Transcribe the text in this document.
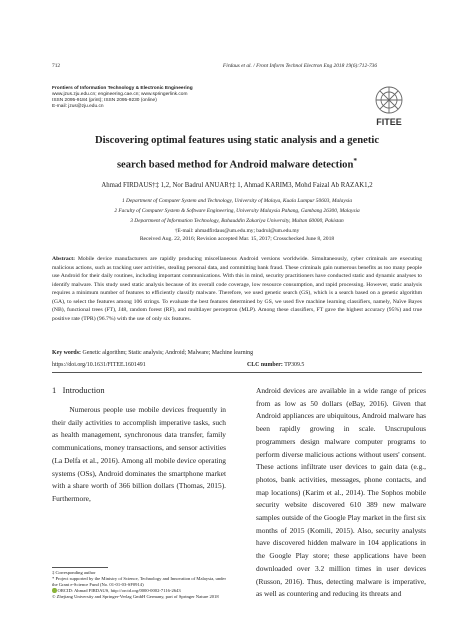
712	Firdaus et al. / Front Inform Technol Electron Eng 2018 19(6):712-736
Frontiers of Information Technology & Electronic Engineering
www.jzus.zju.edu.cn; engineering.cae.cn; www.springerlink.com
ISSN 2095-9184 (print); ISSN 2095-9230 (online)
E-mail: jzus@zju.edu.cn
FITEE
Discovering optimal features using static analysis and a genetic
search based method for Android malware detection*
Ahmad FIRDAUS†‡ 1,2, Nor Badrul ANUAR†‡ 1, Ahmad KARIM3, Mohd Faizal Ab RAZAK1,2
1 Department of Computer System and Technology, University of Malaya, Kuala Lumpur 50603, Malaysia
2 Faculty of Computer System & Software Engineering, University Malaysia Pahang, Gambang 26300, Malaysia
3 Department of Information Technology, Bahauddin Zakariya University, Multan 60000, Pakistan
†E-mail: ahmadfirdaus@um.edu.my; badrul@um.edu.my
Received Aug. 22, 2016; Revision accepted Mar. 15, 2017; Crosschecked June 8, 2018
Abstract: Mobile device manufacturers are rapidly producing miscellaneous Android versions worldwide. Simultaneously, cyber criminals are executing malicious actions, such as tracking user activities, stealing personal data, and committing bank fraud. These criminals gain numerous benefits as too many people use Android for their daily routines, including important communications. With this in mind, security practitioners have conducted static and dynamic analyses to identify malware. This study used static analysis because of its overall code coverage, low resource consumption, and rapid processing. However, static analysis requires a minimum number of features to efficiently classify malware. Therefore, we used genetic search (GS), which is a search based on a genetic algorithm (GA), to select the features among 106 strings. To evaluate the best features determined by GS, we used five machine learning classifiers, namely, Naïve Bayes (NB), functional trees (FT), J48, random forest (RF), and multilayer perceptron (MLP). Among these classifiers, FT gave the highest accuracy (95%) and true positive rate (TPR) (96.7%) with the use of only six features.
Key words: Genetic algorithm; Static analysis; Android; Malware; Machine learning
https://doi.org/10.1631/FITEE.1601491	CLC number: TP309.5
1 Introduction
Numerous people use mobile devices frequently in their daily activities to accomplish imperative tasks, such as health management, synchronous data transfer, family communications, money transactions, and sensor activities (La Delfa et al., 2016). Among all mobile device operating systems (OSs), Android dominates the smartphone market with a share worth of 366 billion dollars (Thomas, 2015). Furthermore,
Android devices are available in a wide range of prices from as low as 50 dollars (eBay, 2016). Given that Android appliances are ubiquitous, Android malware has been rapidly growing in scale. Unscrupulous programmers design malware computer programs to perform diverse malicious actions without users' consent. These actions infiltrate user devices to gain data (e.g., photos, bank activities, messages, phone contacts, and map locations) (Karim et al., 2014). The Sophos mobile security website discovered 610 389 new malware samples outside of the Google Play market in the first six months of 2015 (Komili, 2015). Also, security analysts have discovered hidden malware in 104 applications in the Google Play store; these applications have been downloaded over 3.2 million times in user devices (Russon, 2016). Thus, detecting malware is imperative, as well as countering and reducing its threats and
‡ Corresponding author
* Project supported by the Ministry of Science, Technology and Innovation of Malaysia, under the Grant e-Science Fund (No. 01-01-03-SF0914)
ORCID: Ahmad FIRDAUS, http://orcid.org/0000-0002-7116-2643
© Zhejiang University and Springer-Verlag GmbH Germany, part of Springer Nature 2018
